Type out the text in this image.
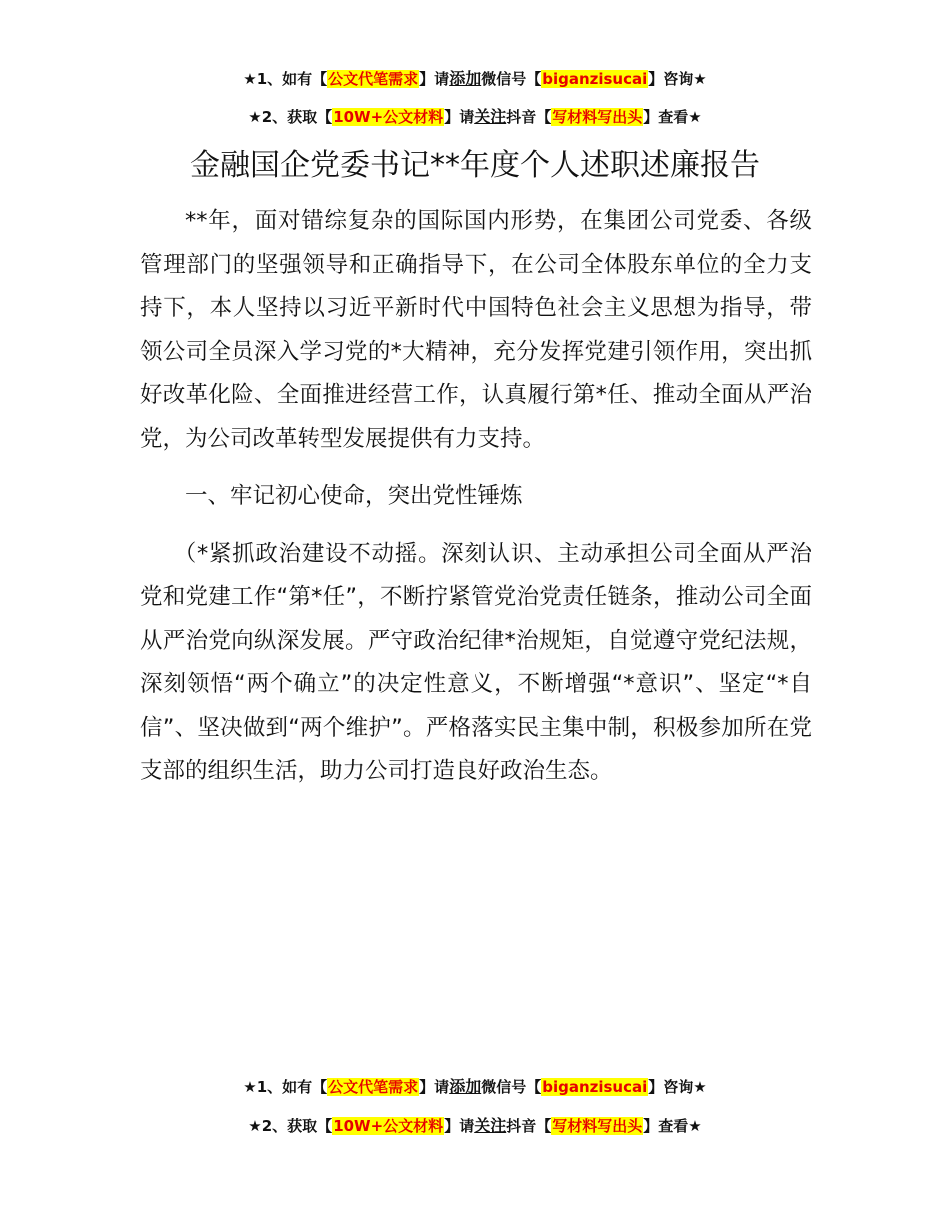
★1、如有【公文代笔需求】请添加微信号【biganzisucai】咨询★
★2、获取【10W+公文材料】请关注抖音【写材料写出头】查看★
金融国企党委书记**年度个人述职述廉报告

**年，面对错综复杂的国际国内形势，在集团公司党委、各级管理部门的坚强领导和正确指导下，在公司全体股东单位的全力支持下，本人坚持以习近平新时代中国特色社会主义思想为指导，带领公司全员深入学习党的*大精神，充分发挥党建引领作用，突出抓好改革化险、全面推进经营工作，认真履行第*任、推动全面从严治党，为公司改革转型发展提供有力支持。

一、牢记初心使命，突出党性锤炼

（*紧抓政治建设不动摇。深刻认识、主动承担公司全面从严治党和党建工作“第*任”，不断拧紧管党治党责任链条，推动公司全面从严治党向纵深发展。严守政治纪律*治规矩，自觉遵守党纪法规，深刻领悟“两个确立”的决定性意义，不断增强“*意识”、坚定“*自信”、坚决做到“两个维护”。严格落实民主集中制，积极参加所在党支部的组织生活，助力公司打造良好政治生态。

★1、如有【公文代笔需求】请添加微信号【biganzisucai】咨询★
★2、获取【10W+公文材料】请关注抖音【写材料写出头】查看★
